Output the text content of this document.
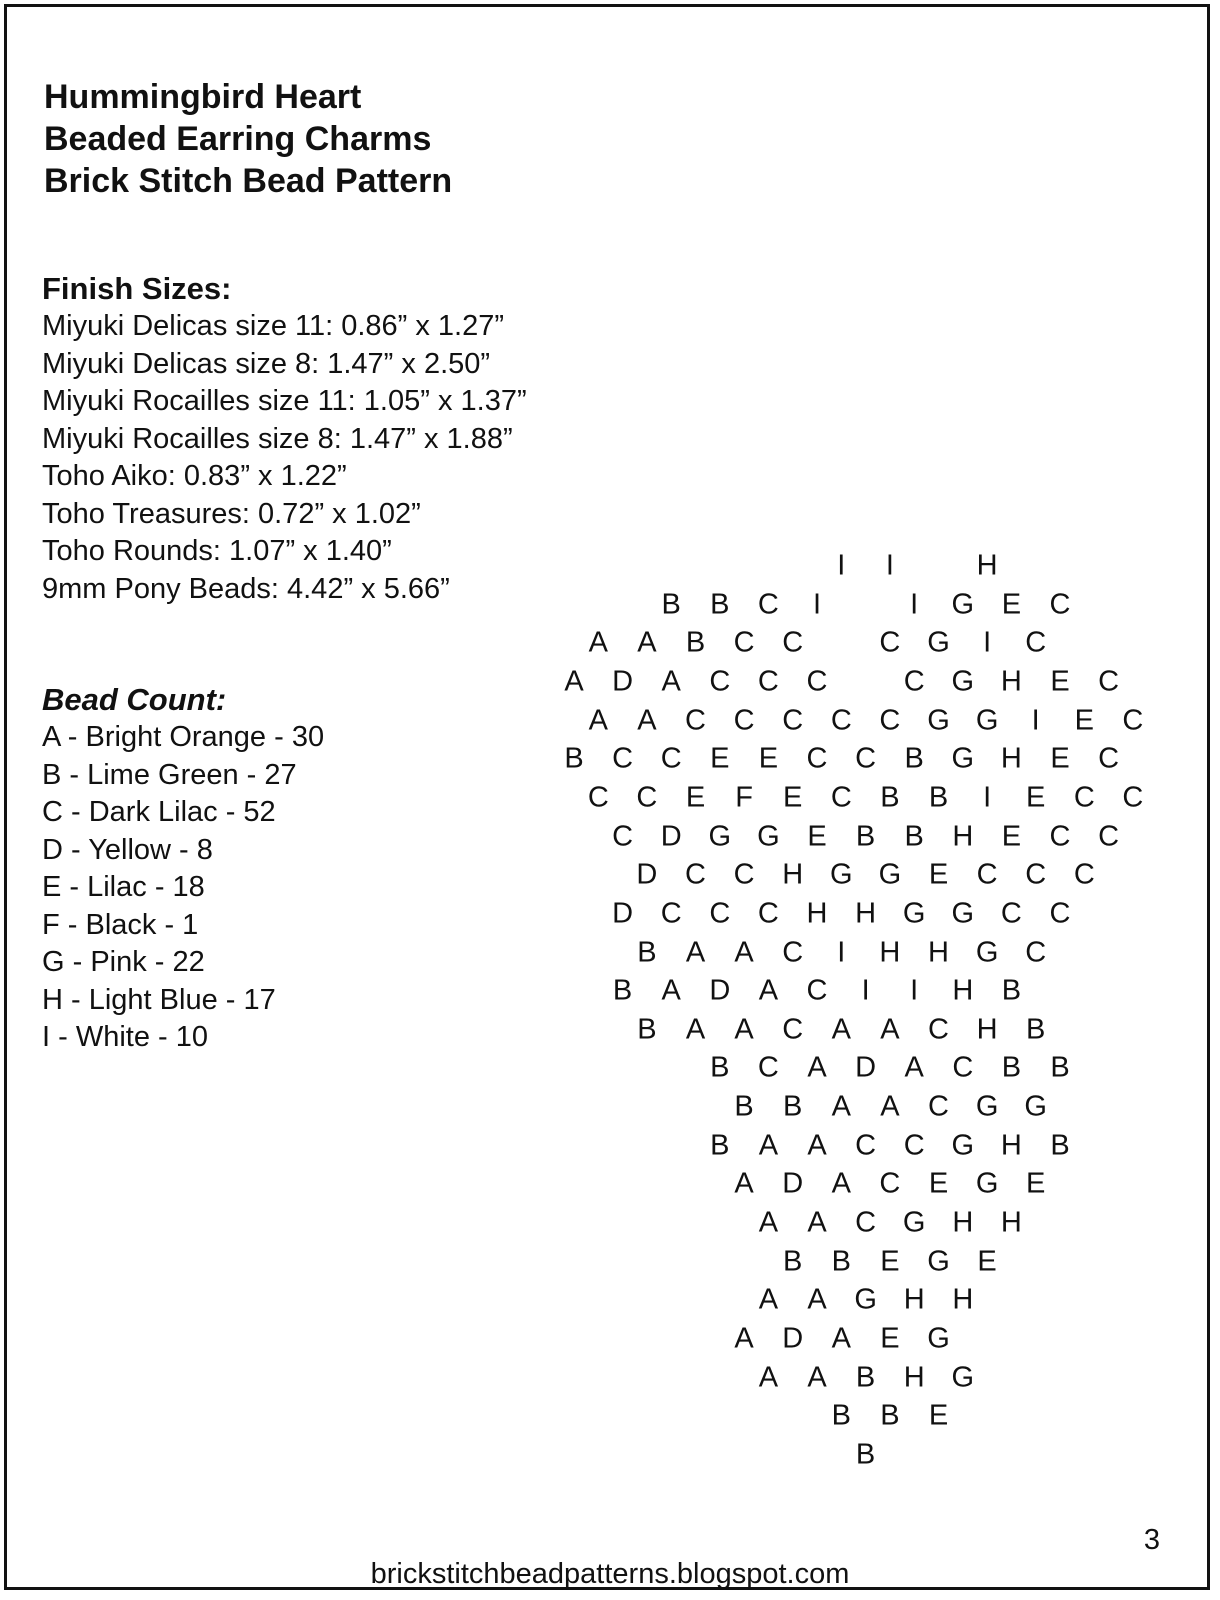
Hummingbird Heart
Beaded Earring Charms
Brick Stitch Bead Pattern
Finish Sizes:
Miyuki Delicas size 11: 0.86” x 1.27”
Miyuki Delicas size 8: 1.47” x 2.50”
Miyuki Rocailles size 11: 1.05” x 1.37”
Miyuki Rocailles size 8: 1.47” x 1.88”
Toho Aiko: 0.83” x 1.22”
Toho Treasures: 0.72” x 1.02”
Toho Rounds: 1.07” x 1.40”
9mm Pony Beads: 4.42” x 5.66”
Bead Count:
A - Bright Orange - 30
B - Lime Green - 27
C - Dark Lilac - 52
D - Yellow - 8
E - Lilac - 18
F - Black - 1
G - Pink - 22
H - Light Blue - 17
I - White - 10
I I	H
B B C I	I G E C
A A B C C	C G I C
A D A C C C	C G H E C
A A C C C C C G G I E C
B C C E E C C B G H E C
C C E F E C B B I E C C
C D G G E B B H E C C
D C C H G G E C C C
D C C C H H G G C C
B A A C I H H G C
B A D A C I I H B
B A A C A A C H B
B C A D A C B B
B B A A C G G
B A A C C G H B
A D A C E G E
A A C G H H
B B E G E
A A G H H
A D A E G
A A B H G
B B E
B
3
brickstitchbeadpatterns.blogspot.com
